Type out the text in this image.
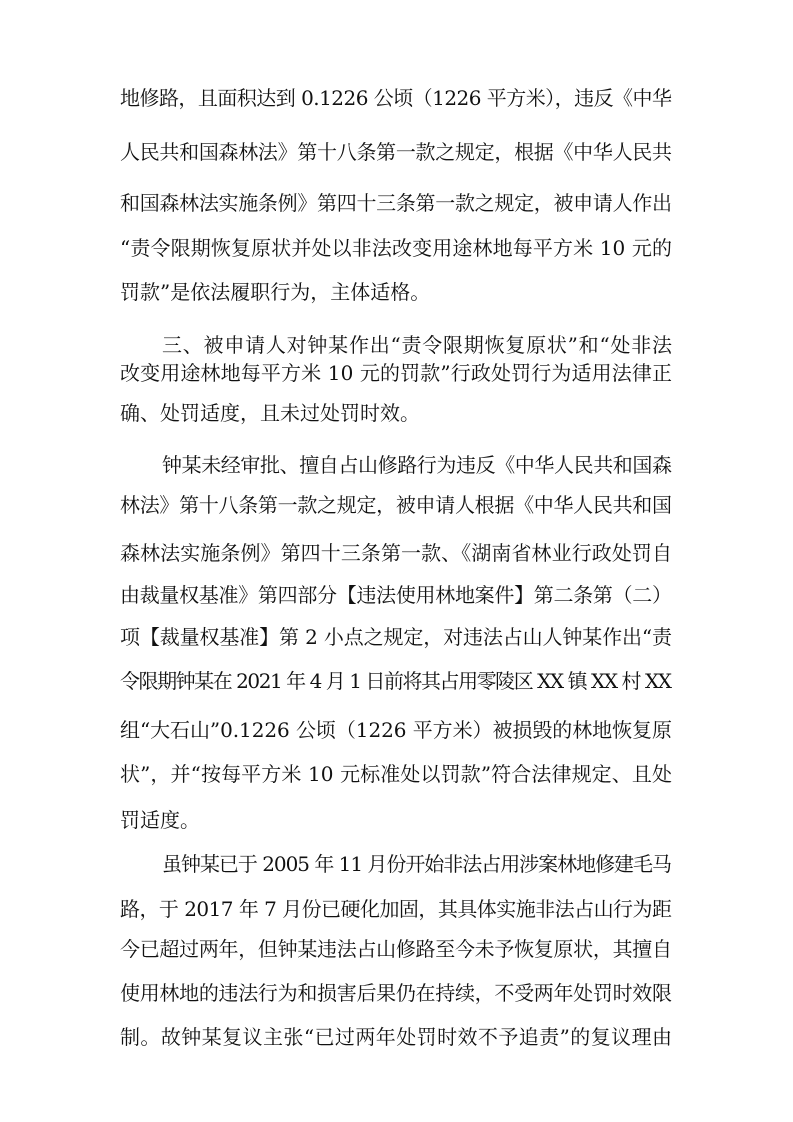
地修路，且面积达到 0.1226 公顷（1226 平方米），违反《中华
人民共和国森林法》第十八条第一款之规定，根据《中华人民共
和国森林法实施条例》第四十三条第一款之规定，被申请人作出
“责令限期恢复原状并处以非法改变用途林地每平方米 10 元的
罚款”是依法履职行为，主体适格。
三、被申请人对钟某作出“责令限期恢复原状”和“处非法
改变用途林地每平方米 10 元的罚款”行政处罚行为适用法律正
确、处罚适度，且未过处罚时效。
钟某未经审批、擅自占山修路行为违反《中华人民共和国森
林法》第十八条第一款之规定，被申请人根据《中华人民共和国
森林法实施条例》第四十三条第一款、《湖南省林业行政处罚自
由裁量权基准》第四部分【违法使用林地案件】第二条第（二）
项【裁量权基准】第 2 小点之规定，对违法占山人钟某作出“责
令限期钟某在 2021 年 4 月 1 日前将其占用零陵区 XX 镇 XX 村 XX
组“大石山”0.1226 公顷（1226 平方米）被损毁的林地恢复原
状”，并“按每平方米 10 元标准处以罚款”符合法律规定、且处
罚适度。
虽钟某已于 2005 年 11 月份开始非法占用涉案林地修建毛马
路，于 2017 年 7 月份已硬化加固，其具体实施非法占山行为距
今已超过两年，但钟某违法占山修路至今未予恢复原状，其擅自
使用林地的违法行为和损害后果仍在持续，不受两年处罚时效限
制。故钟某复议主张“已过两年处罚时效不予追责”的复议理由
